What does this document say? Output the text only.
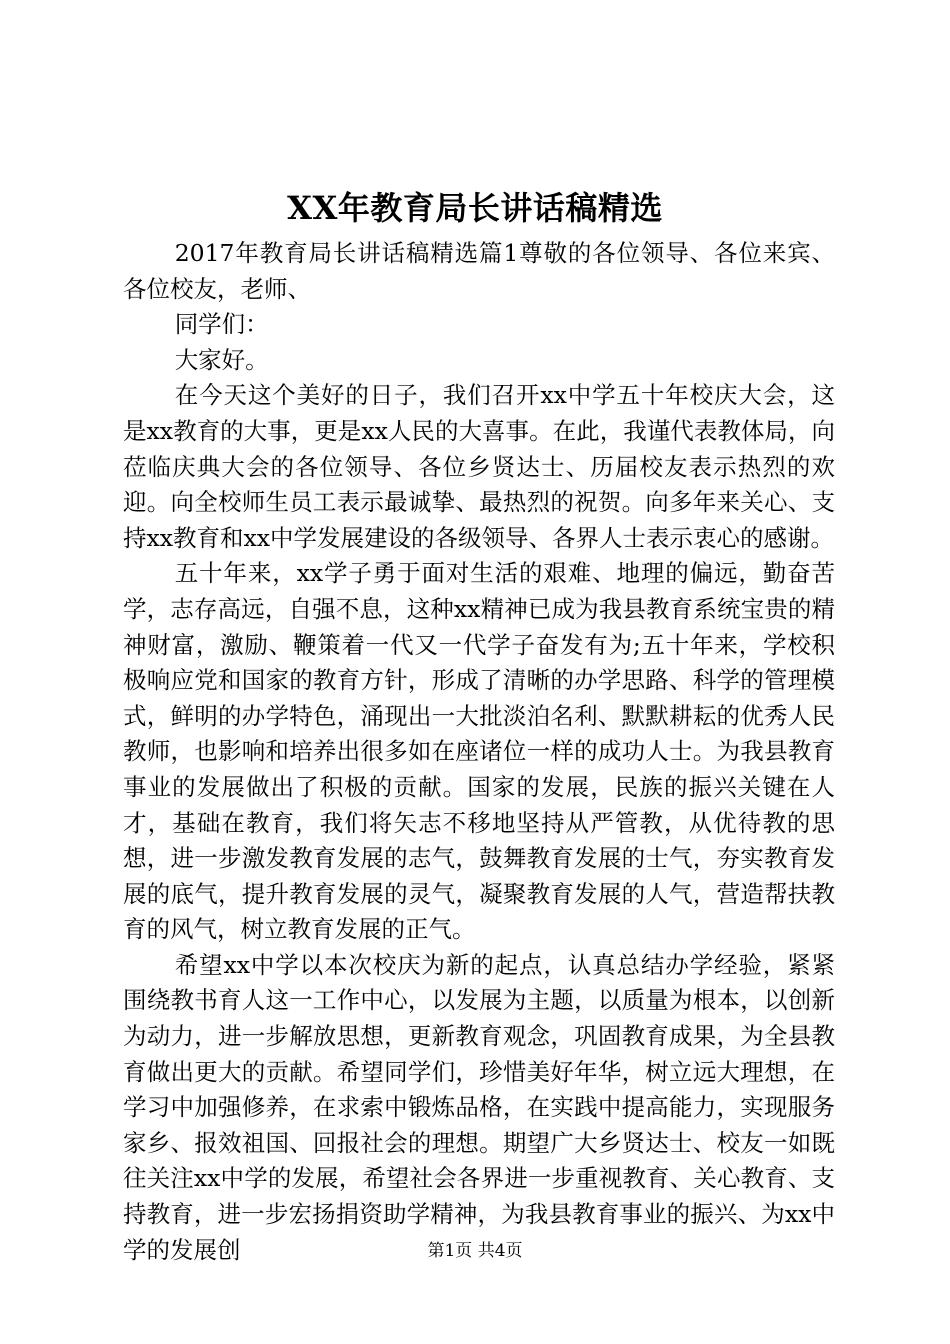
XX年教育局长讲话稿精选

2017年教育局长讲话稿精选篇1尊敬的各位领导、各位来宾、各位校友，老师、

同学们：

大家好。

在今天这个美好的日子，我们召开xx中学五十年校庆大会，这是xx教育的大事，更是xx人民的大喜事。在此，我谨代表教体局，向莅临庆典大会的各位领导、各位乡贤达士、历届校友表示热烈的欢迎。向全校师生员工表示最诚挚、最热烈的祝贺。向多年来关心、支持xx教育和xx中学发展建设的各级领导、各界人士表示衷心的感谢。

五十年来，xx学子勇于面对生活的艰难、地理的偏远，勤奋苦学，志存高远，自强不息，这种xx精神已成为我县教育系统宝贵的精神财富，激励、鞭策着一代又一代学子奋发有为;五十年来，学校积极响应党和国家的教育方针，形成了清晰的办学思路、科学的管理模式，鲜明的办学特色，涌现出一大批淡泊名利、默默耕耘的优秀人民教师，也影响和培养出很多如在座诸位一样的成功人士。为我县教育事业的发展做出了积极的贡献。国家的发展，民族的振兴关键在人才，基础在教育，我们将矢志不移地坚持从严管教，从优待教的思想，进一步激发教育发展的志气，鼓舞教育发展的士气，夯实教育发展的底气，提升教育发展的灵气，凝聚教育发展的人气，营造帮扶教育的风气，树立教育发展的正气。

希望xx中学以本次校庆为新的起点，认真总结办学经验，紧紧围绕教书育人这一工作中心，以发展为主题，以质量为根本，以创新为动力，进一步解放思想，更新教育观念，巩固教育成果，为全县教育做出更大的贡献。希望同学们，珍惜美好年华，树立远大理想，在学习中加强修养，在求索中锻炼品格，在实践中提高能力，实现服务家乡、报效祖国、回报社会的理想。期望广大乡贤达士、校友一如既往关注xx中学的发展，希望社会各界进一步重视教育、关心教育、支持教育，进一步宏扬捐资助学精神，为我县教育事业的振兴、为xx中学的发展创	第1页 共4页
